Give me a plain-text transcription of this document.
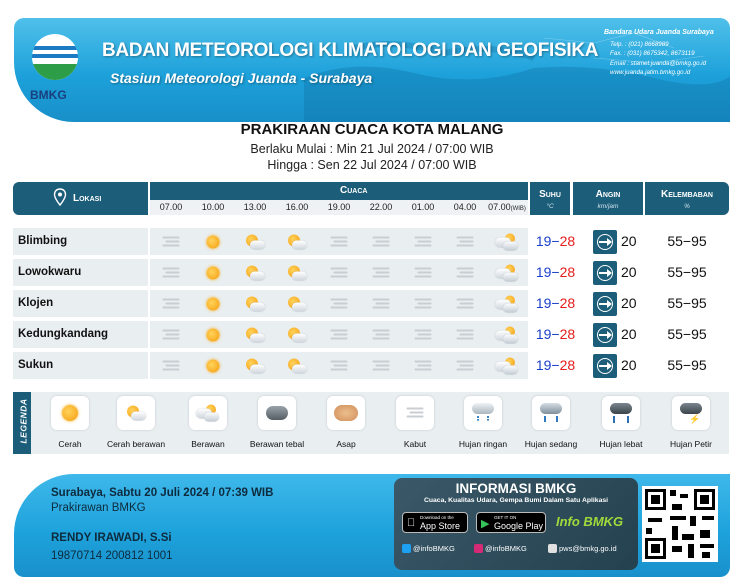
BMKG
BADAN METEOROLOGI KLIMATOLOGI DAN GEOFISIKA
Stasiun Meteorologi Juanda - Surabaya
Bandara Udara Juanda Surabaya
Telp. : (021) 8668989
Fax. : (031) 8675342, 8673119
Email : stamet.juanda@bmkg.go.id
www.juanda.jatim.bmkg.go.id
PRAKIRAAN CUACA KOTA MALANG
Berlaku Mulai : Min 21 Jul 2024 / 07:00 WIB
Hingga : Sen 22 Jul 2024 / 07:00 WIB
Lokasi
Cuaca
07.00	10.00	13.00	16.00	19.00	22.00	01.00	04.00	07.00(WIB)
Suhu
°C
Angin
km/jam
Kelembaban
%
Blimbing	19−28	20	55−95
Lowokwaru	19−28	20	55−95
Klojen	19−28	20	55−95
Kedungkandang	19−28	20	55−95
Sukun	19−28	20	55−95
LEGENDA
Cerah	Cerah berawan	Berawan	Berawan tebal	Asap	Kabut	Hujan ringan	Hujan sedang	Hujan lebat
⚡
Hujan Petir
Surabaya, Sabtu 20 Juli 2024 / 07:39 WIB
Prakirawan BMKG
RENDY IRAWADI, S.Si
19870714 200812 1001
INFORMASI BMKG
Cuaca, Kualitas Udara, Gempa Bumi Dalam Satu Aplikasi
Download on the
App Store ▶
GET IT ON
Google Play Info BMKG
@infoBMKG	@infoBMKG	pws@bmkg.go.id
